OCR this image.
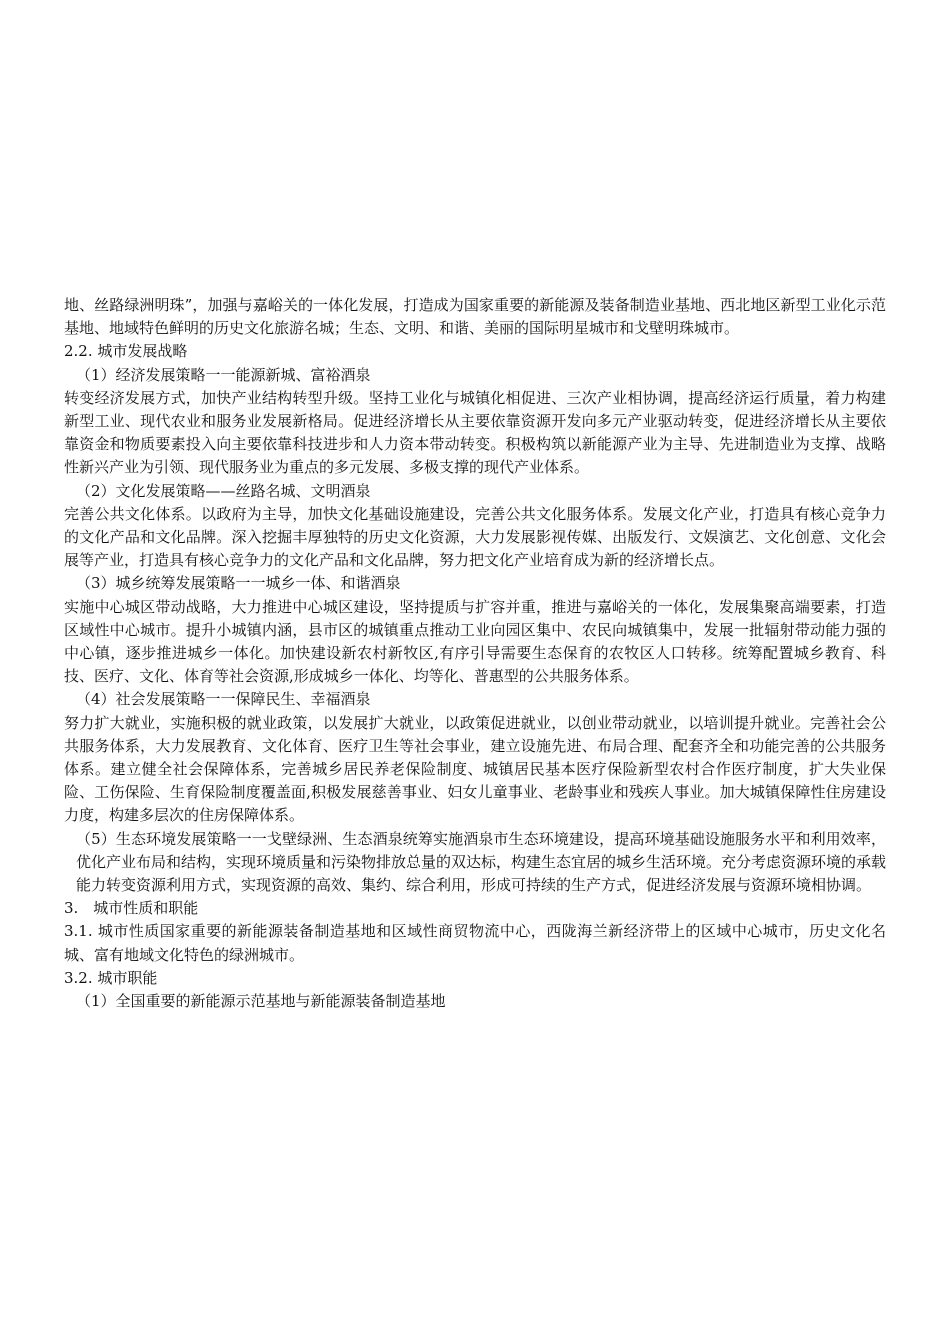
地、丝路绿洲明珠”，加强与嘉峪关的一体化发展，打造成为国家重要的新能源及装备制造业基地、西北地区新型工业化示范基地、地域特色鲜明的历史文化旅游名城；生态、文明、和谐、美丽的国际明星城市和戈壁明珠城市。

2.2. 城市发展战略

（1）经济发展策略一一能源新城、富裕酒泉

转变经济发展方式，加快产业结构转型升级。坚持工业化与城镇化相促进、三次产业相协调，提高经济运行质量，着力构建新型工业、现代农业和服务业发展新格局。促进经济增长从主要依靠资源开发向多元产业驱动转变，促进经济增长从主要依靠资金和物质要素投入向主要依靠科技进步和人力资本带动转变。积极构筑以新能源产业为主导、先进制造业为支撑、战略性新兴产业为引领、现代服务业为重点的多元发展、多极支撑的现代产业体系。

（2）文化发展策略——丝路名城、文明酒泉

完善公共文化体系。以政府为主导，加快文化基础设施建设，完善公共文化服务体系。发展文化产业，打造具有核心竞争力的文化产品和文化品牌。深入挖掘丰厚独特的历史文化资源，大力发展影视传媒、出版发行、文娱演艺、文化创意、文化会展等产业，打造具有核心竞争力的文化产品和文化品牌，努力把文化产业培育成为新的经济增长点。

（3）城乡统筹发展策略一一城乡一体、和谐酒泉

实施中心城区带动战略，大力推进中心城区建设，坚持提质与扩容并重，推进与嘉峪关的一体化，发展集聚高端要素，打造区域性中心城市。提升小城镇内涵，县市区的城镇重点推动工业向园区集中、农民向城镇集中，发展一批辐射带动能力强的中心镇，逐步推进城乡一体化。加快建设新农村新牧区,有序引导需要生态保育的农牧区人口转移。统筹配置城乡教育、科技、医疗、文化、体育等社会资源,形成城乡一体化、均等化、普惠型的公共服务体系。

（4）社会发展策略一一保障民生、幸福酒泉

努力扩大就业，实施积极的就业政策，以发展扩大就业，以政策促进就业，以创业带动就业，以培训提升就业。完善社会公共服务体系，大力发展教育、文化体育、医疗卫生等社会事业，建立设施先进、布局合理、配套齐全和功能完善的公共服务体系。建立健全社会保障体系，完善城乡居民养老保险制度、城镇居民基本医疗保险新型农村合作医疗制度，扩大失业保险、工伤保险、生育保险制度覆盖面,积极发展慈善事业、妇女儿童事业、老龄事业和残疾人事业。加大城镇保障性住房建设力度，构建多层次的住房保障体系。

（5）生态环境发展策略一一戈壁绿洲、生态酒泉统筹实施酒泉市生态环境建设，提高环境基础设施服务水平和利用效率，优化产业布局和结构，实现环境质量和污染物排放总量的双达标，构建生态宜居的城乡生活环境。充分考虑资源环境的承载能力转变资源利用方式，实现资源的高效、集约、综合利用，形成可持续的生产方式，促进经济发展与资源环境相协调。

3.　城市性质和职能

3.1. 城市性质国家重要的新能源装备制造基地和区域性商贸物流中心，西陇海兰新经济带上的区域中心城市，历史文化名城、富有地域文化特色的绿洲城市。

3.2. 城市职能

（1）全国重要的新能源示范基地与新能源装备制造基地
